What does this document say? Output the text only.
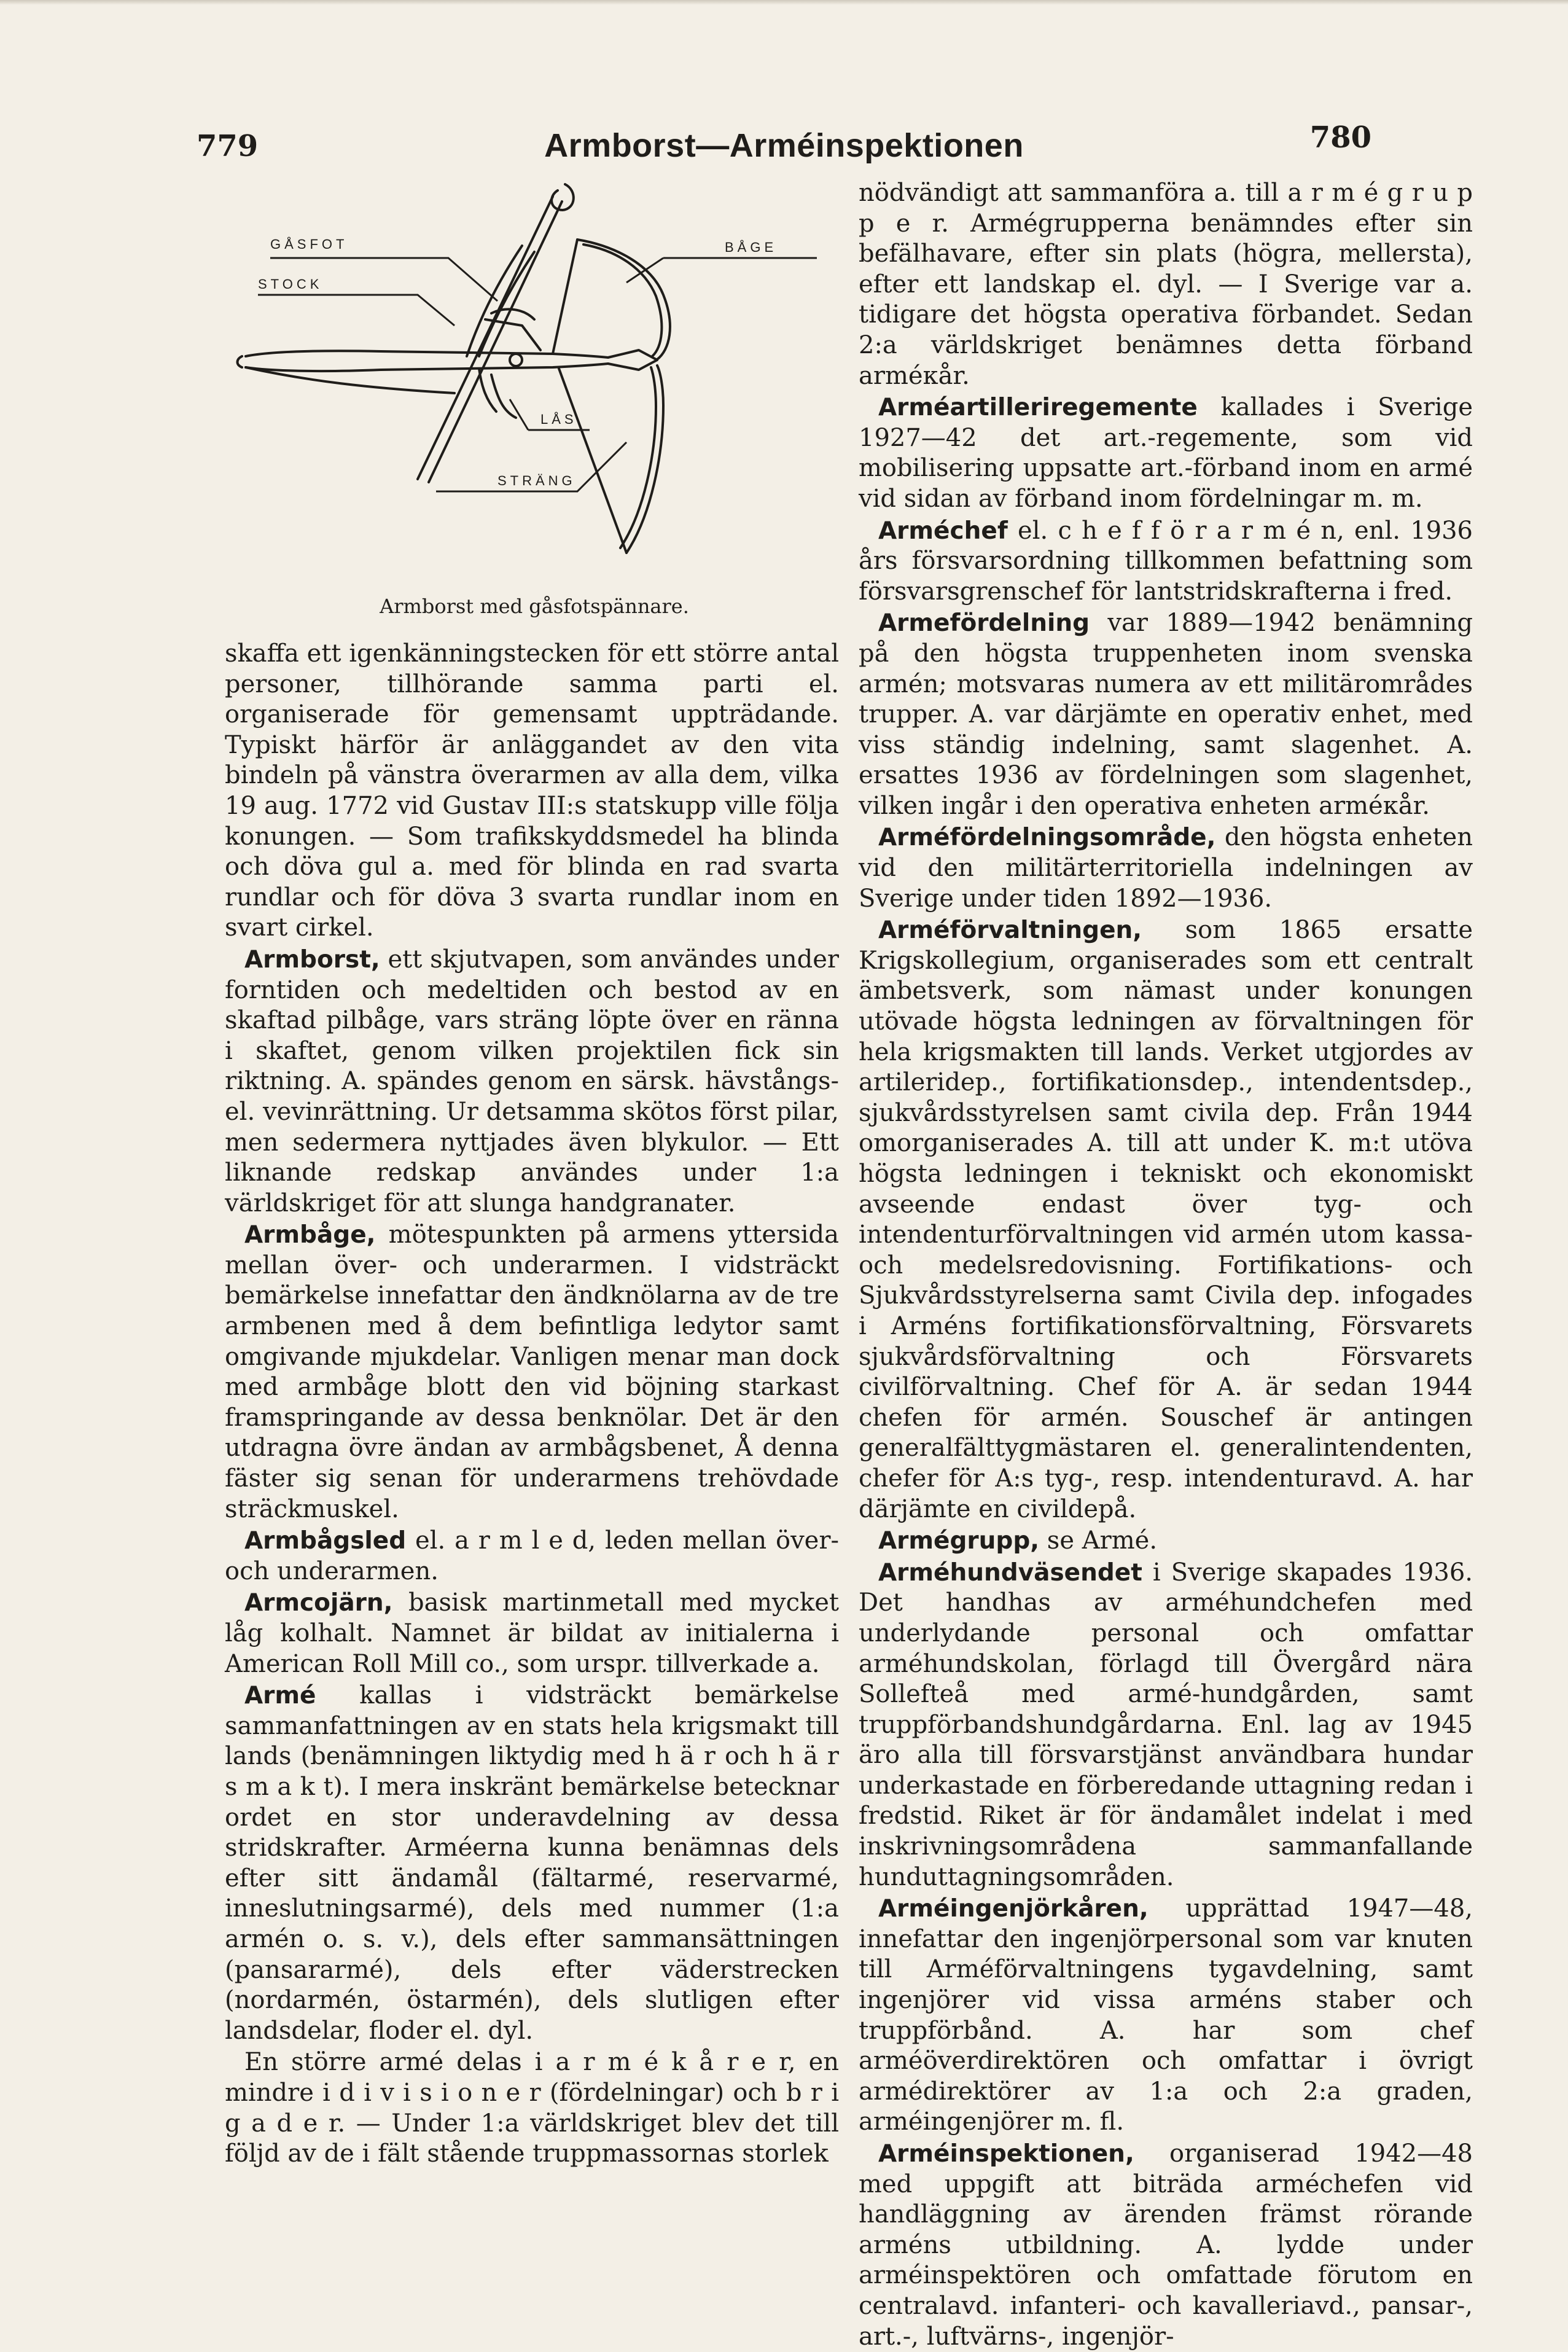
779	Armborst—Arméinspektionen	780
GÅSFOT
STOCK
BÅGE
LÅS
STRÄNG
Armborst med gåsfotspännare.

skaffa ett igenkänningstecken för ett större antal personer, tillhörande samma parti el. organiserade för gemensamt uppträdande. Typiskt härför är anläggandet av den vita bindeln på vänstra överarmen av alla dem, vilka 19 aug. 1772 vid Gustav III:s statskupp ville följa konungen. — Som trafikskyddsmedel ha blinda och döva gul a. med för blinda en rad svarta rundlar och för döva 3 svarta rundlar inom en svart cirkel.

Armborst, ett skjutvapen, som användes under forntiden och medeltiden och bestod av en skaftad pilbåge, vars sträng löpte över en ränna i skaftet, genom vilken projektilen fick sin riktning. A. spändes genom en särsk. hävstångs- el. vevinrättning. Ur detsamma skötos först pilar, men sedermera nyttjades även blykulor. — Ett liknande redskap användes under 1:a världskriget för att slunga handgranater.

Armbåge, mötespunkten på armens yttersida mellan över- och underarmen. I vidsträckt bemärkelse innefattar den ändknölarna av de tre armbenen med å dem befintliga ledytor samt omgivande mjukdelar. Vanligen menar man dock med armbåge blott den vid böjning starkast framspringande av dessa benknölar. Det är den utdragna övre ändan av armbågsbenet, Å denna fäster sig senan för underarmens trehövdade sträckmuskel.

Armbågsled el. a r m l e d, leden mellan över- och underarmen.

Armcojärn, basisk martinmetall med mycket låg kolhalt. Namnet är bildat av initialerna i American Roll Mill co., som urspr. tillverkade a.

Armé kallas i vidsträckt bemärkelse sammanfattningen av en stats hela krigsmakt till lands (benämningen liktydig med h ä r och h ä r s m a k t). I mera inskränt bemärkelse betecknar ordet en stor underavdelning av dessa stridskrafter. Arméerna kunna benämnas dels efter sitt ändamål (fältarmé, reservarmé, inneslutningsarmé), dels med nummer (1:a armén o. s. v.), dels efter sammansättningen (pansararmé), dels efter väderstrecken (nordarmén, östarmén), dels slutligen efter landsdelar, floder el. dyl.

En större armé delas i a r m é k å r e r, en mindre i d i v i s i o n e r (fördelningar) och b r i g a d e r. — Under 1:a världskriget blev det till följd av de i fält stående truppmassornas storlek

nödvändigt att sammanföra a. till a r m é g r u p p e r. Armégrupperna benämndes efter sin befälhavare, efter sin plats (högra, mellersta), efter ett landskap el. dyl. — I Sverige var a. tidigare det högsta operativa förbandet. Sedan 2:a världskriget benämnes detta förband arméкår.

Arméartilleriregemente kallades i Sverige 1927—42 det art.-regemente, som vid mobilisering uppsatte art.-förband inom en armé vid sidan av förband inom fördelningar m. m.

Arméchef el. c h e f f ö r a r m é n, enl. 1936 års försvarsordning tillkommen befattning som försvarsgrenschef för lantstridskrafterna i fred.

Armefördelning var 1889—1942 benämning på den högsta truppenheten inom svenska armén; motsvaras numera av ett militärområdes trupper. A. var därjämte en operativ enhet, med viss ständig indelning, samt slagenhet. A. ersattes 1936 av fördelningen som slagenhet, vilken ingår i den operativa enheten arméкår.

Arméfördelningsområde, den högsta enheten vid den militärterritoriella indelningen av Sverige under tiden 1892—1936.

Arméförvaltningen, som 1865 ersatte Krigskollegium, organiserades som ett centralt ämbetsverk, som nämast under konungen utövade högsta ledningen av förvaltningen för hela krigsmakten till lands. Verket utgjordes av artileridep., fortifikationsdep., intendentsdep., sjukvårdsstyrelsen samt civila dep. Från 1944 omorganiserades A. till att under K. m:t utöva högsta ledningen i tekniskt och ekonomiskt avseende endast över tyg- och intendenturförvaltningen vid armén utom kassa- och medelsredovisning. Fortifikations- och Sjukvårdsstyrelserna samt Civila dep. infogades i Arméns fortifikationsförvaltning, Försvarets sjukvårdsförvaltning och Försvarets civilförvaltning. Chef för A. är sedan 1944 chefen för armén. Souschef är antingen generalfälttygmästaren el. generalintendenten, chefer för A:s tyg-, resp. intendenturavd. A. har därjämte en civildepå.

Armégrupp, se Armé.

Arméhundväsendet i Sverige skapades 1936. Det handhas av arméhundchefen med underlydande personal och omfattar arméhundskolan, förlagd till Övergård nära Sollefteå med armé-hundgården, samt truppförbandshundgårdarna. Enl. lag av 1945 äro alla till försvarstjänst användbara hundar underkastade en förberedande uttagning redan i fredstid. Riket är för ändamålet indelat i med inskrivningsområdena sammanfallande hunduttagningsområden.

Arméingenjörkåren, upprättad 1947—48, innefattar den ingenjörpersonal som var knuten till Arméförvaltningens tygavdelning, samt ingenjörer vid vissa arméns staber och truppförbånd. A. har som chef arméöverdirektören och omfattar i övrigt armédirektörer av 1:a och 2:a graden, arméingenjörer m. fl.

Arméinspektionen, organiserad 1942—48 med uppgift att biträda arméchefen vid handläggning av ärenden främst rörande arméns utbildning. A. lydde under arméinspektören och omfattade förutom en centralavd. infanteri- och kavalleriavd., pansar-, art.-, luftvärns-, ingenjör-
